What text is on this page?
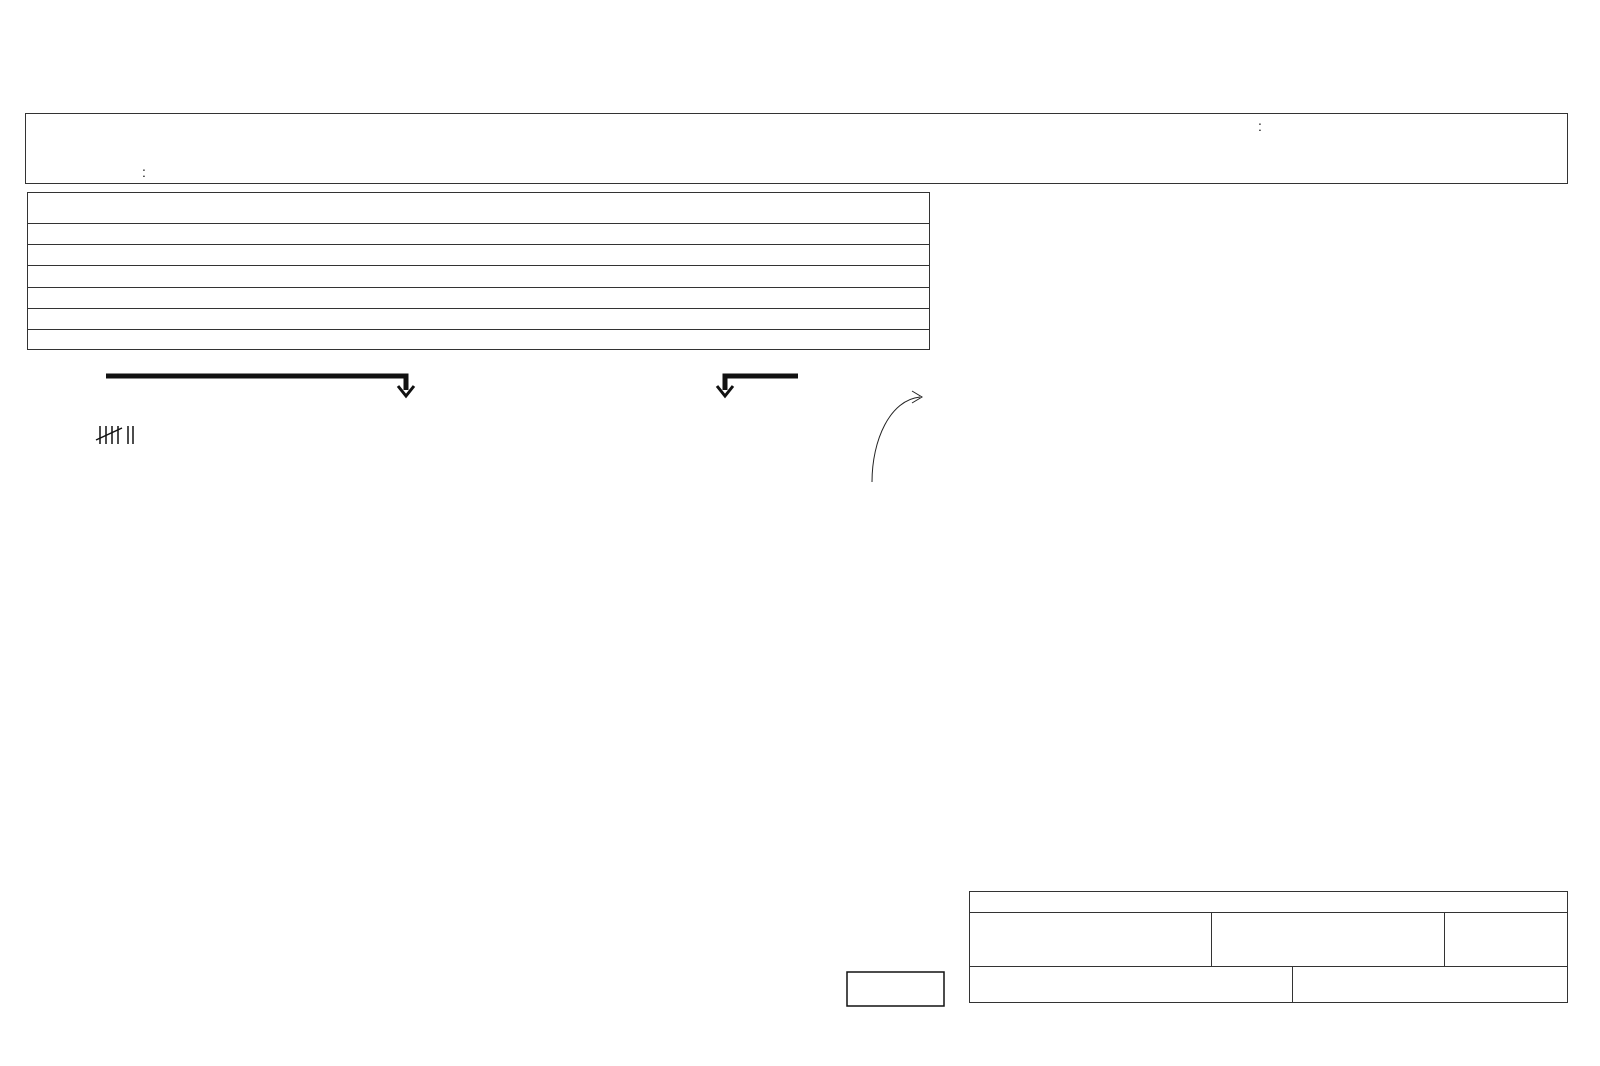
:
:
